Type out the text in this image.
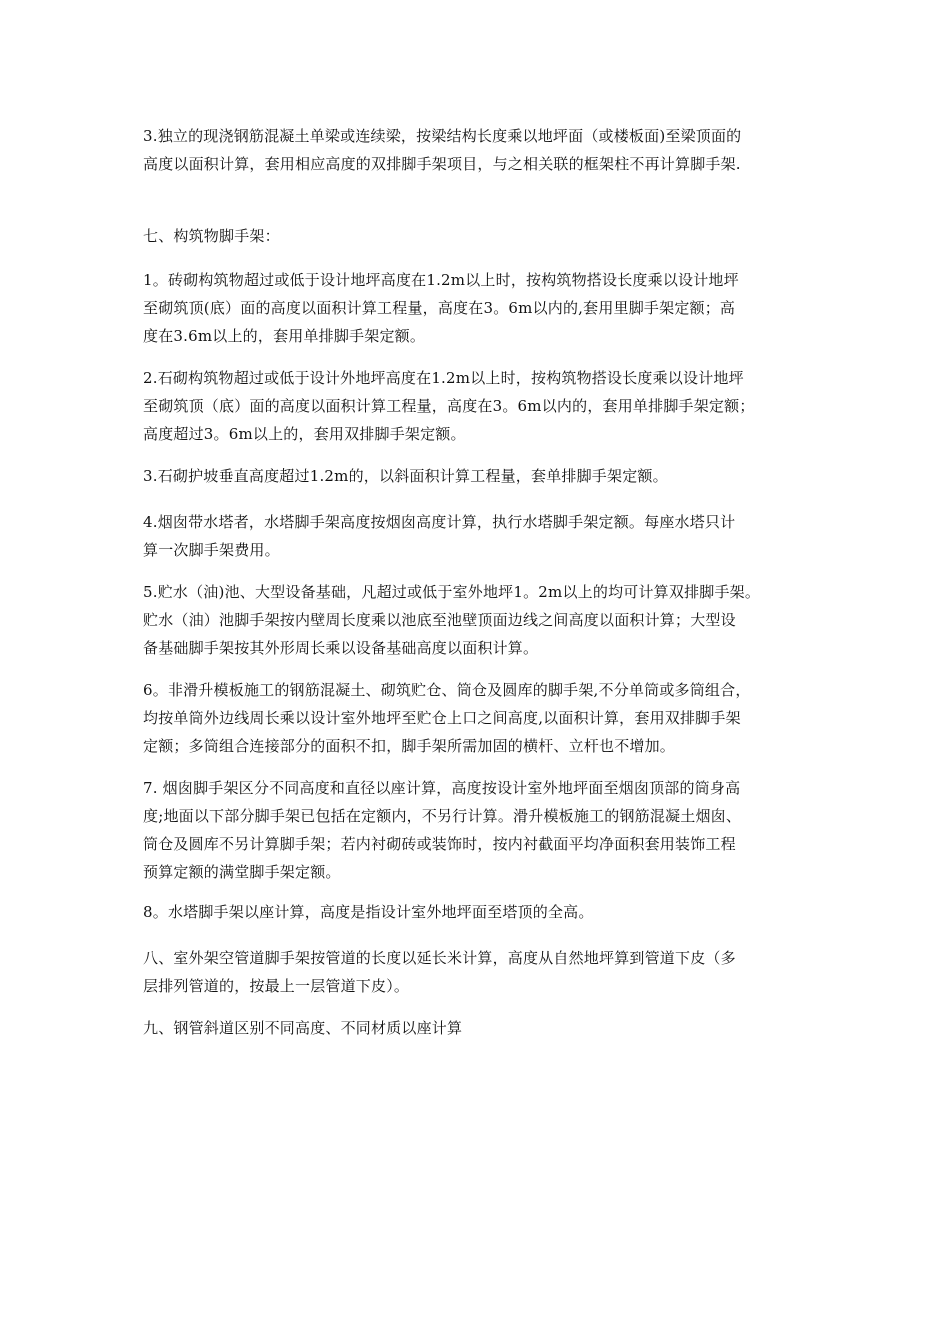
3.独立的现浇钢筋混凝土单梁或连续梁，按梁结构长度乘以地坪面（或楼板面)至梁顶面的
高度以面积计算，套用相应高度的双排脚手架项目，与之相关联的框架柱不再计算脚手架.

七、构筑物脚手架：

1。砖砌构筑物超过或低于设计地坪高度在1.2m以上时，按构筑物搭设长度乘以设计地坪
至砌筑顶(底）面的高度以面积计算工程量，高度在3。6m以内的,套用里脚手架定额；高
度在3.6m以上的，套用单排脚手架定额。

2.石砌构筑物超过或低于设计外地坪高度在1.2m以上时，按构筑物搭设长度乘以设计地坪
至砌筑顶（底）面的高度以面积计算工程量，高度在3。6m以内的，套用单排脚手架定额；
高度超过3。6m以上的，套用双排脚手架定额。

3.石砌护坡垂直高度超过1.2m的，以斜面积计算工程量，套单排脚手架定额。

4.烟囱带水塔者，水塔脚手架高度按烟囱高度计算，执行水塔脚手架定额。每座水塔只计
算一次脚手架费用。

5.贮水（油)池、大型设备基础，凡超过或低于室外地坪1。2m以上的均可计算双排脚手架。
贮水（油）池脚手架按内壁周长度乘以池底至池壁顶面边线之间高度以面积计算；大型设
备基础脚手架按其外形周长乘以设备基础高度以面积计算。

6。非滑升模板施工的钢筋混凝土、砌筑贮仓、筒仓及圆库的脚手架,不分单筒或多筒组合，
均按单筒外边线周长乘以设计室外地坪至贮仓上口之间高度,以面积计算，套用双排脚手架
定额；多筒组合连接部分的面积不扣，脚手架所需加固的横杆、立杆也不增加。

7. 烟囱脚手架区分不同高度和直径以座计算，高度按设计室外地坪面至烟囱顶部的筒身高
度;地面以下部分脚手架已包括在定额内，不另行计算。滑升模板施工的钢筋混凝土烟囱、
筒仓及圆库不另计算脚手架；若内衬砌砖或装饰时，按内衬截面平均净面积套用装饰工程
预算定额的满堂脚手架定额。

8。水塔脚手架以座计算，高度是指设计室外地坪面至塔顶的全高。

八、室外架空管道脚手架按管道的长度以延长米计算，高度从自然地坪算到管道下皮（多
层排列管道的，按最上一层管道下皮）。

九、钢管斜道区别不同高度、不同材质以座计算
